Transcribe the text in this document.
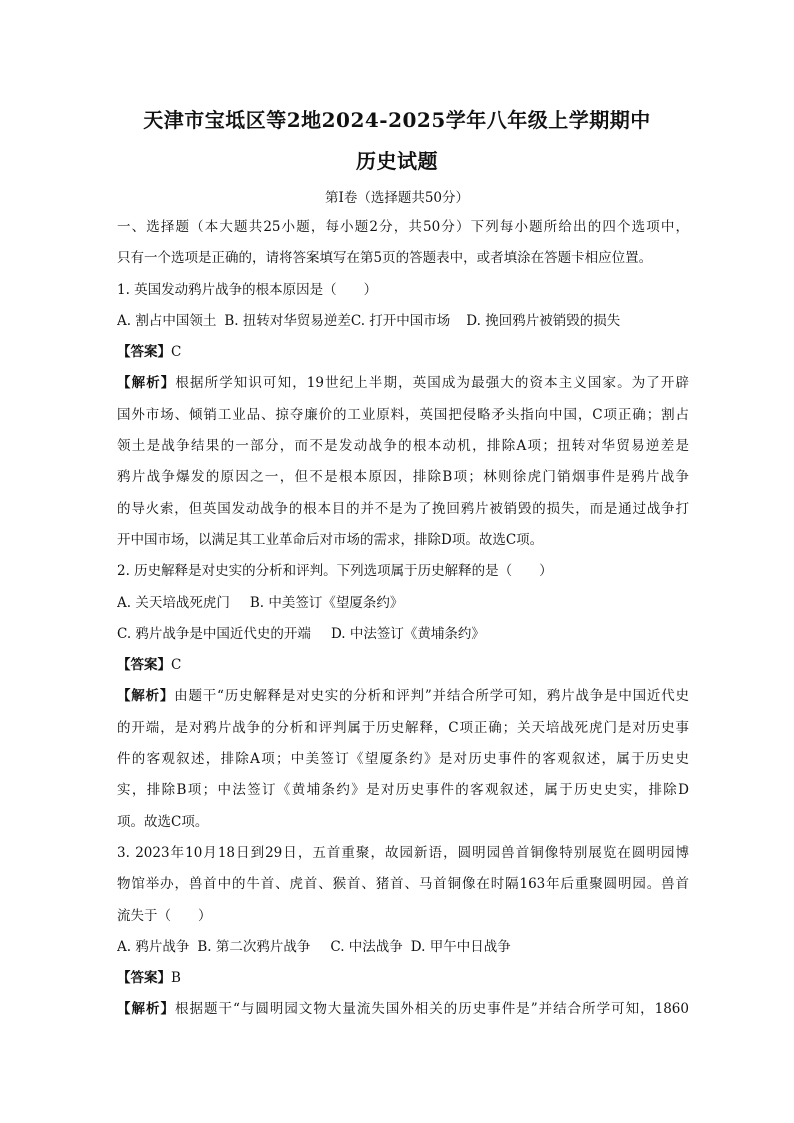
天津市宝坻区等2地2024-2025学年八年级上学期期中
历史试题
第Ⅰ卷（选择题共50分）
一、选择题（本大题共25小题，每小题2分，共50分）下列每小题所给出的四个选项中，
只有一个选项是正确的，请将答案填写在第5页的答题表中，或者填涂在答题卡相应位置。
1. 英国发动鸦片战争的根本原因是（　　）
A. 割占中国领土 B. 扭转对华贸易逆差C. 打开中国市场 D. 挽回鸦片被销毁的损失
【答案】C
【解析】根据所学知识可知，19世纪上半期，英国成为最强大的资本主义国家。为了开辟
国外市场、倾销工业品、掠夺廉价的工业原料，英国把侵略矛头指向中国，C项正确；割占
领土是战争结果的一部分，而不是发动战争的根本动机，排除A项；扭转对华贸易逆差是
鸦片战争爆发的原因之一，但不是根本原因，排除B项；林则徐虎门销烟事件是鸦片战争
的导火索，但英国发动战争的根本目的并不是为了挽回鸦片被销毁的损失，而是通过战争打
开中国市场，以满足其工业革命后对市场的需求，排除D项。故选C项。
2. 历史解释是对史实的分析和评判。下列选项属于历史解释的是（　　）
A. 关天培战死虎门 B. 中美签订《望厦条约》
C. 鸦片战争是中国近代史的开端 D. 中法签订《黄埔条约》
【答案】C
【解析】由题干“历史解释是对史实的分析和评判”并结合所学可知，鸦片战争是中国近代史
的开端，是对鸦片战争的分析和评判属于历史解释，C项正确；关天培战死虎门是对历史事
件的客观叙述，排除A项；中美签订《望厦条约》是对历史事件的客观叙述，属于历史史
实，排除B项；中法签订《黄埔条约》是对历史事件的客观叙述，属于历史史实，排除D
项。故选C项。
3. 2023年10月18日到29日，五首重聚，故园新语，圆明园兽首铜像特别展览在圆明园博
物馆举办，兽首中的牛首、虎首、猴首、猪首、马首铜像在时隔163年后重聚圆明园。兽首
流失于（　　）
A. 鸦片战争 B. 第二次鸦片战争 C. 中法战争 D. 甲午中日战争
【答案】B
【解析】根据题干“与圆明园文物大量流失国外相关的历史事件是”并结合所学可知，1860
